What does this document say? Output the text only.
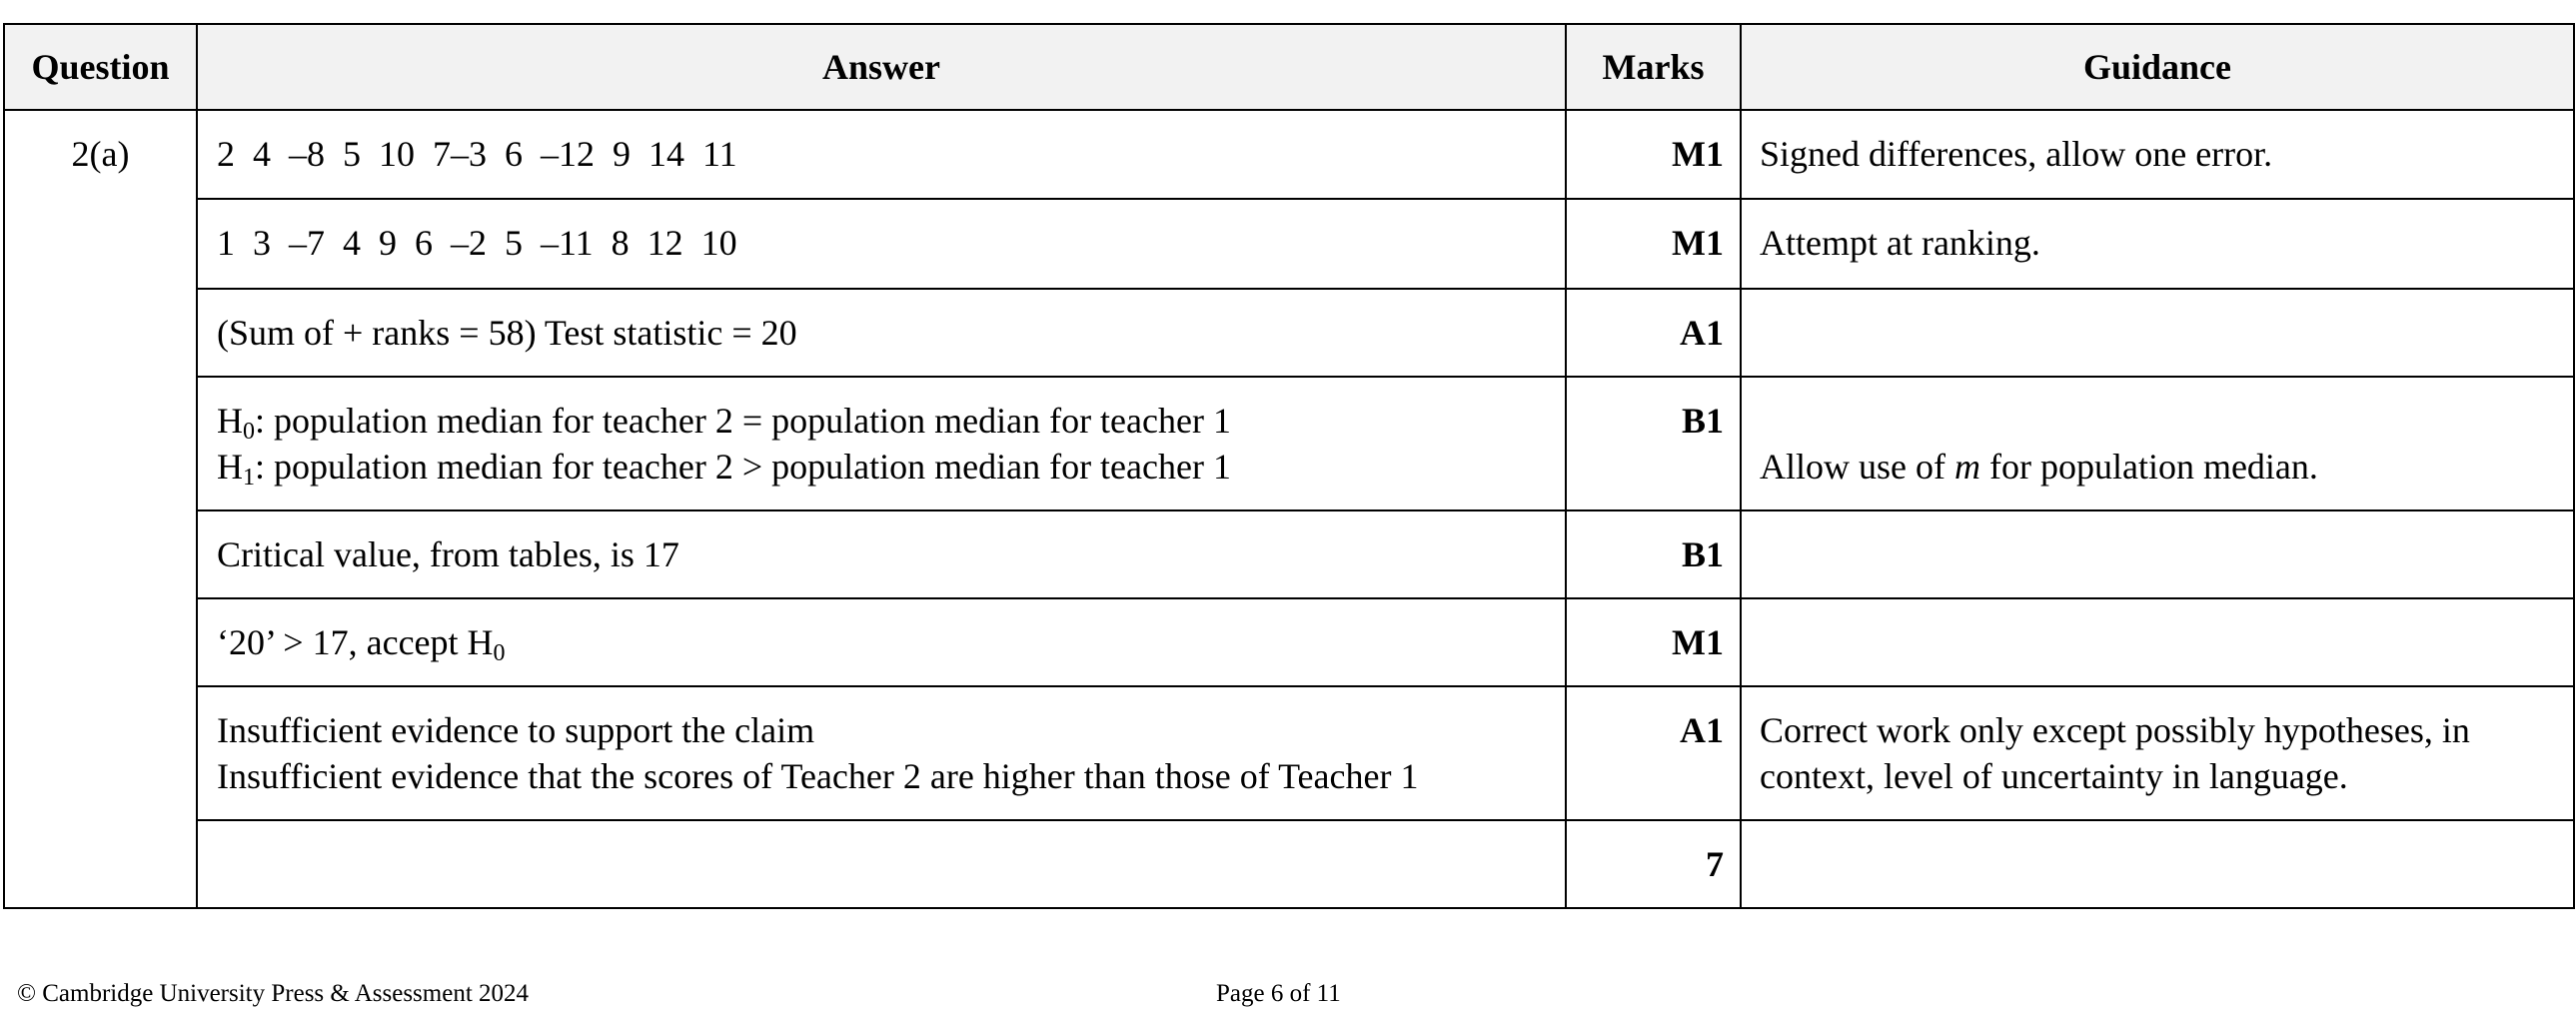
Question	Answer	Marks	Guidance
2(a)	2 4 –8 5 10 7–3 6 –12 9 14 11	M1	Signed differences, allow one error.
	1 3 –7 4 9 6 –2 5 –11 8 12 10	M1	Attempt at ranking.
	(Sum of + ranks = 58) Test statistic = 20	A1	

	$H_0$: population median for teacher 2 = population median for teacher 1
$H_1$: population median for teacher 2 > population median for teacher 1	B1	Allow use of m for population median.

	Critical value, from tables, is 17	B1	
	‘20’ > 17, accept $H_0$	M1	

	Insufficient evidence to support the claim
Insufficient evidence that the scores of Teacher 2 are higher than those of Teacher 1	A1	Correct work only except possibly hypotheses, in
context, level of uncertainty in language.

		7	
© Cambridge University Press & Assessment 2024	Page 6 of 11
